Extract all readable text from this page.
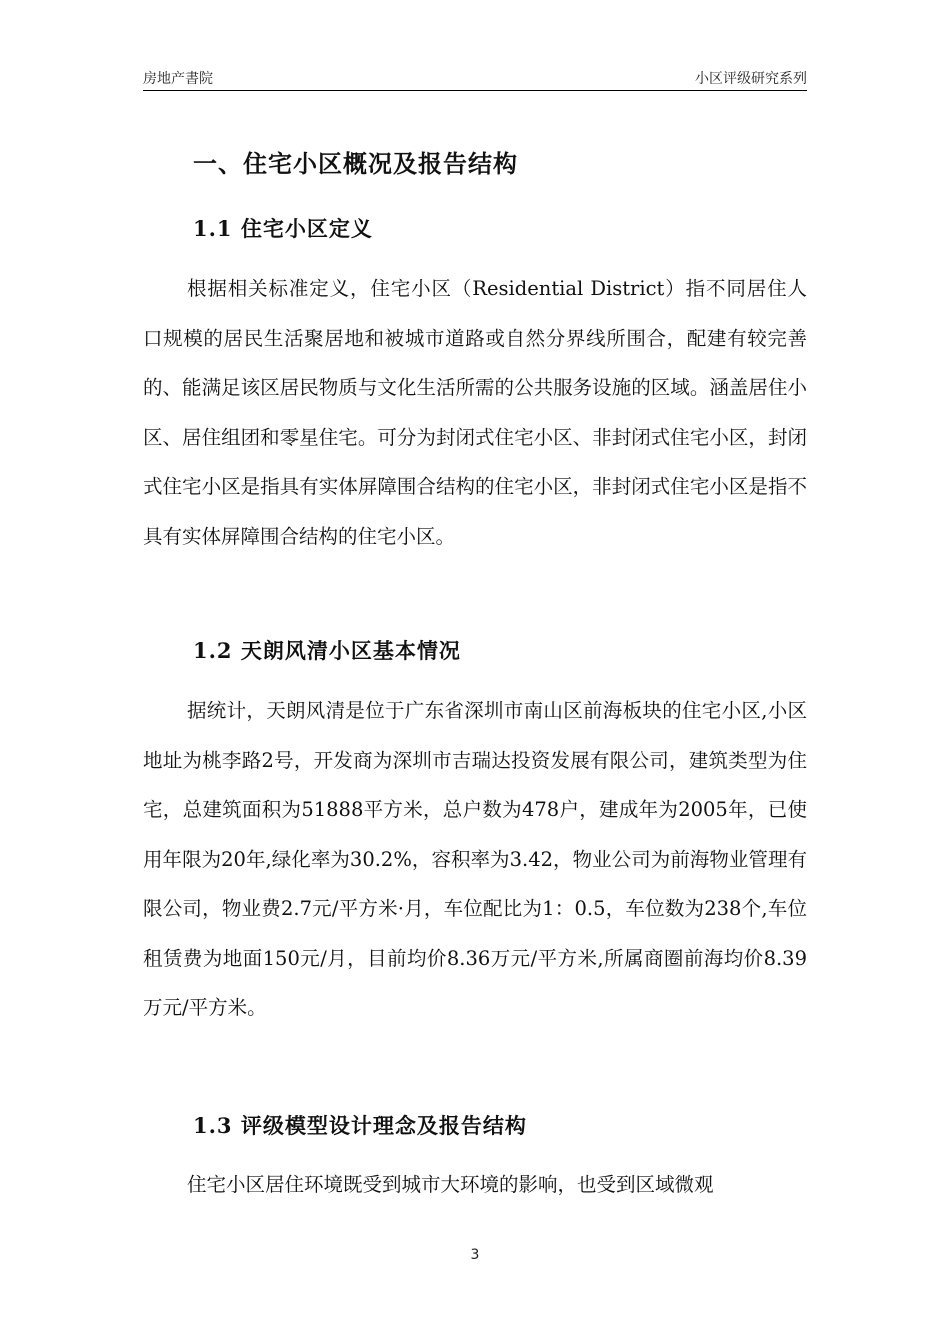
房地产書院	小区评级研究系列
一、住宅小区概况及报告结构
1.1 住宅小区定义
根据相关标准定义，住宅小区（Residential District）指不同居住人口规模的居民生活聚居地和被城市道路或自然分界线所围合，配建有较完善的、能满足该区居民物质与文化生活所需的公共服务设施的区域。涵盖居住小区、居住组团和零星住宅。可分为封闭式住宅小区、非封闭式住宅小区，封闭式住宅小区是指具有实体屏障围合结构的住宅小区，非封闭式住宅小区是指不具有实体屏障围合结构的住宅小区。
1.2 天朗风清小区基本情况
据统计，天朗风清是位于广东省深圳市南山区前海板块的住宅小区,小区地址为桃李路2号，开发商为深圳市吉瑞达投资发展有限公司，建筑类型为住宅，总建筑面积为51888平方米，总户数为478户，建成年为2005年，已使用年限为20年,绿化率为30.2%，容积率为3.42，物业公司为前海物业管理有限公司，物业费2.7元/平方米·月，车位配比为1：0.5，车位数为238个,车位租赁费为地面150元/月，目前均价8.36万元/平方米,所属商圈前海均价8.39万元/平方米。
1.3 评级模型设计理念及报告结构
住宅小区居住环境既受到城市大环境的影响，也受到区域微观
3
